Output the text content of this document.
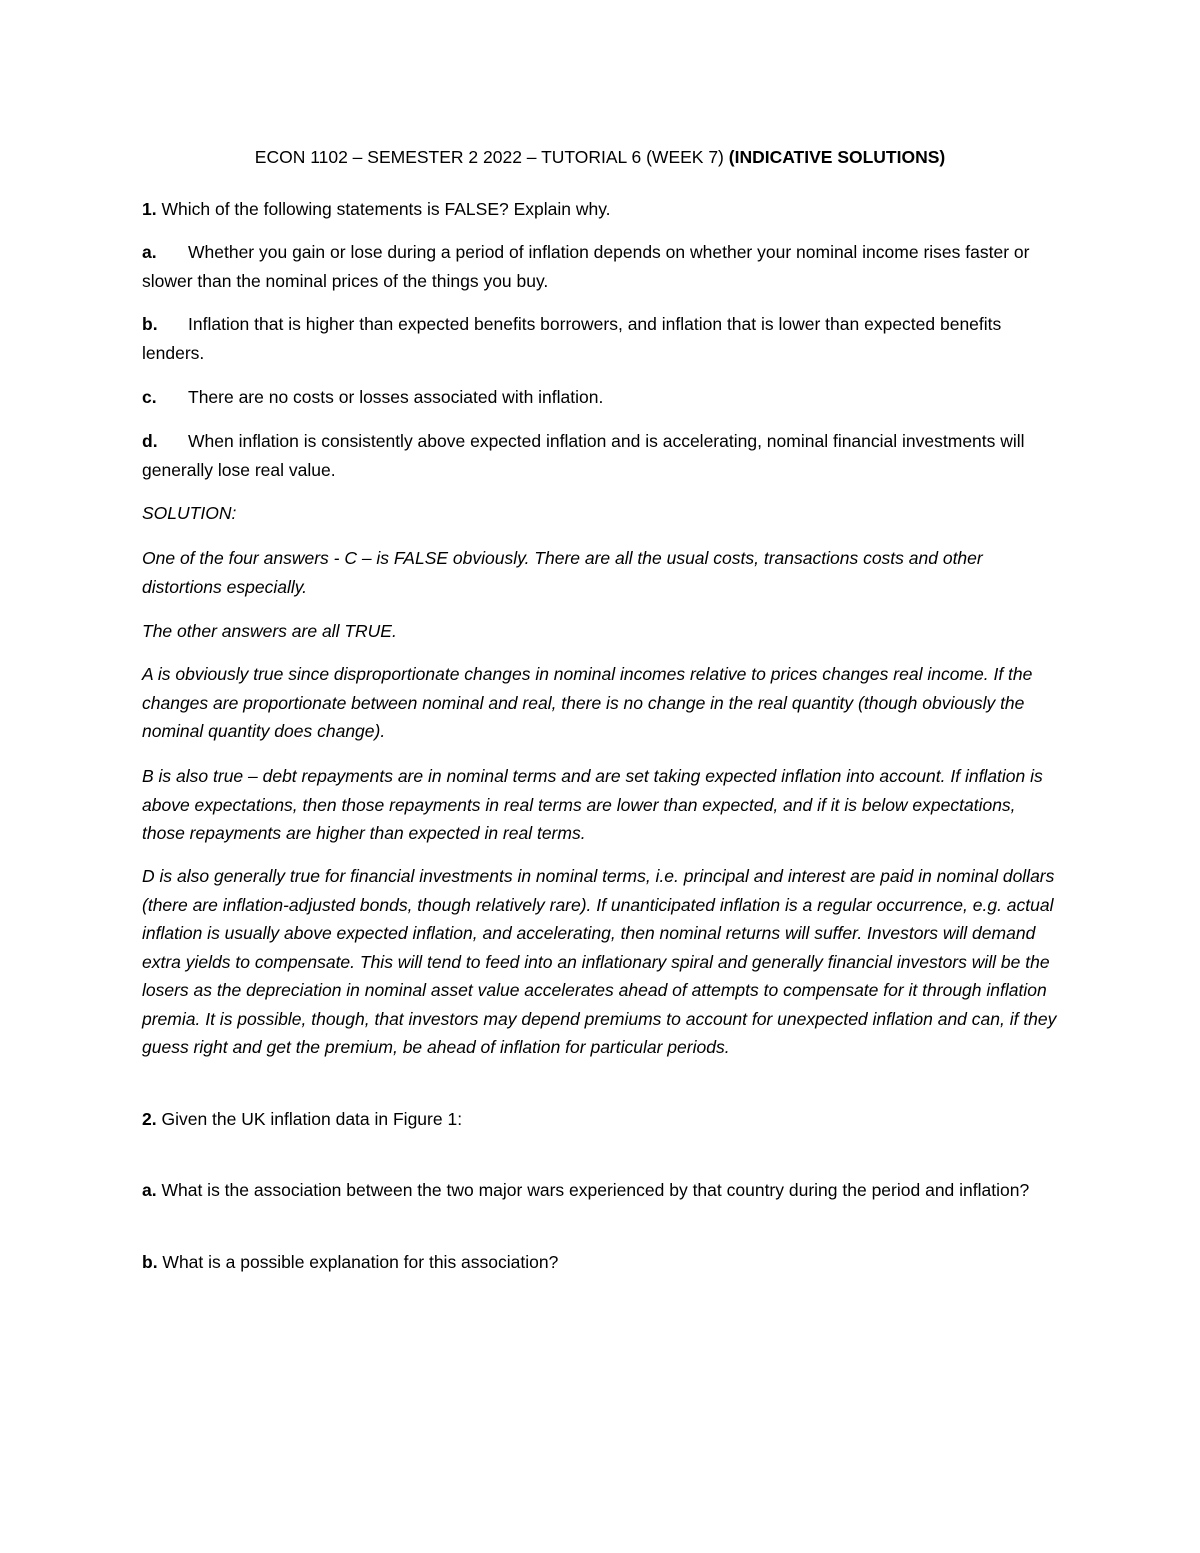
ECON 1102 – SEMESTER 2 2022 – TUTORIAL 6 (WEEK 7) (INDICATIVE SOLUTIONS)

1. Which of the following statements is FALSE? Explain why.

a. Whether you gain or lose during a period of inflation depends on whether your nominal income rises faster or slower than the nominal prices of the things you buy.

b. Inflation that is higher than expected benefits borrowers, and inflation that is lower than expected benefits lenders.

c. There are no costs or losses associated with inflation.

d. When inflation is consistently above expected inflation and is accelerating, nominal financial investments will generally lose real value.

SOLUTION:

One of the four answers - C – is FALSE obviously. There are all the usual costs, transactions costs and other distortions especially.

The other answers are all TRUE.

A is obviously true since disproportionate changes in nominal incomes relative to prices changes real income. If the changes are proportionate between nominal and real, there is no change in the real quantity (though obviously the nominal quantity does change).

B is also true – debt repayments are in nominal terms and are set taking expected inflation into account. If inflation is above expectations, then those repayments in real terms are lower than expected, and if it is below expectations, those repayments are higher than expected in real terms.

D is also generally true for financial investments in nominal terms, i.e. principal and interest are paid in nominal dollars (there are inflation-adjusted bonds, though relatively rare). If unanticipated inflation is a regular occurrence, e.g. actual inflation is usually above expected inflation, and accelerating, then nominal returns will suffer. Investors will demand extra yields to compensate. This will tend to feed into an inflationary spiral and generally financial investors will be the losers as the depreciation in nominal asset value accelerates ahead of attempts to compensate for it through inflation premia. It is possible, though, that investors may depend premiums to account for unexpected inflation and can, if they guess right and get the premium, be ahead of inflation for particular periods.

2. Given the UK inflation data in Figure 1:

a. What is the association between the two major wars experienced by that country during the period and inflation?

b. What is a possible explanation for this association?
